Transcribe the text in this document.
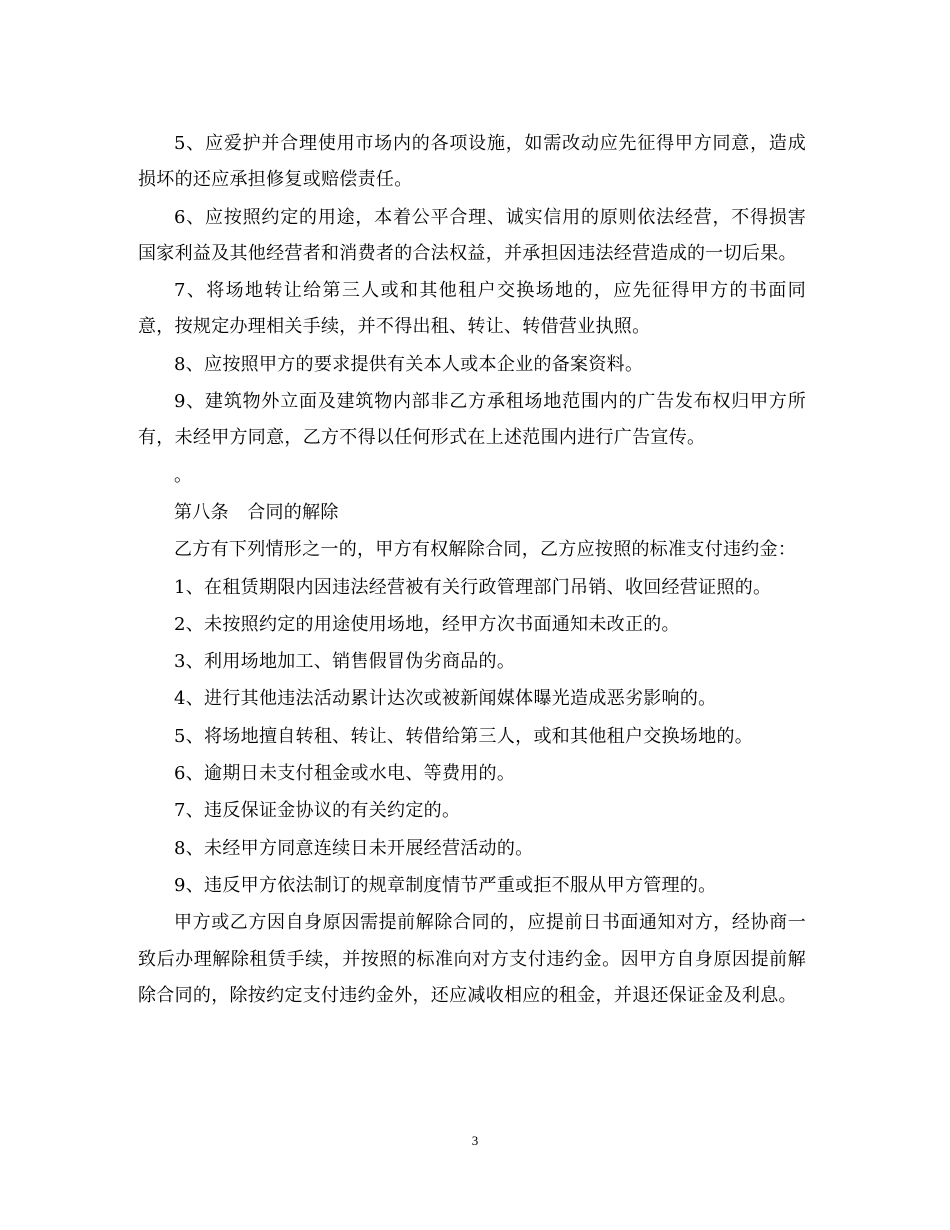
5、应爱护并合理使用市场内的各项设施，如需改动应先征得甲方同意，造成损坏的还应承担修复或赔偿责任。

6、应按照约定的用途，本着公平合理、诚实信用的原则依法经营，不得损害国家利益及其他经营者和消费者的合法权益，并承担因违法经营造成的一切后果。

7、将场地转让给第三人或和其他租户交换场地的，应先征得甲方的书面同意，按规定办理相关手续，并不得出租、转让、转借营业执照。

8、应按照甲方的要求提供有关本人或本企业的备案资料。

9、建筑物外立面及建筑物内部非乙方承租场地范围内的广告发布权归甲方所有，未经甲方同意，乙方不得以任何形式在上述范围内进行广告宣传。

。

第八条　合同的解除

乙方有下列情形之一的，甲方有权解除合同，乙方应按照的标准支付违约金：

1、在租赁期限内因违法经营被有关行政管理部门吊销、收回经营证照的。

2、未按照约定的用途使用场地，经甲方次书面通知未改正的。

3、利用场地加工、销售假冒伪劣商品的。

4、进行其他违法活动累计达次或被新闻媒体曝光造成恶劣影响的。

5、将场地擅自转租、转让、转借给第三人，或和其他租户交换场地的。

6、逾期日未支付租金或水电、等费用的。

7、违反保证金协议的有关约定的。

8、未经甲方同意连续日未开展经营活动的。

9、违反甲方依法制订的规章制度情节严重或拒不服从甲方管理的。

甲方或乙方因自身原因需提前解除合同的，应提前日书面通知对方，经协商一致后办理解除租赁手续，并按照的标准向对方支付违约金。因甲方自身原因提前解除合同的，除按约定支付违约金外，还应减收相应的租金，并退还保证金及利息。

3
